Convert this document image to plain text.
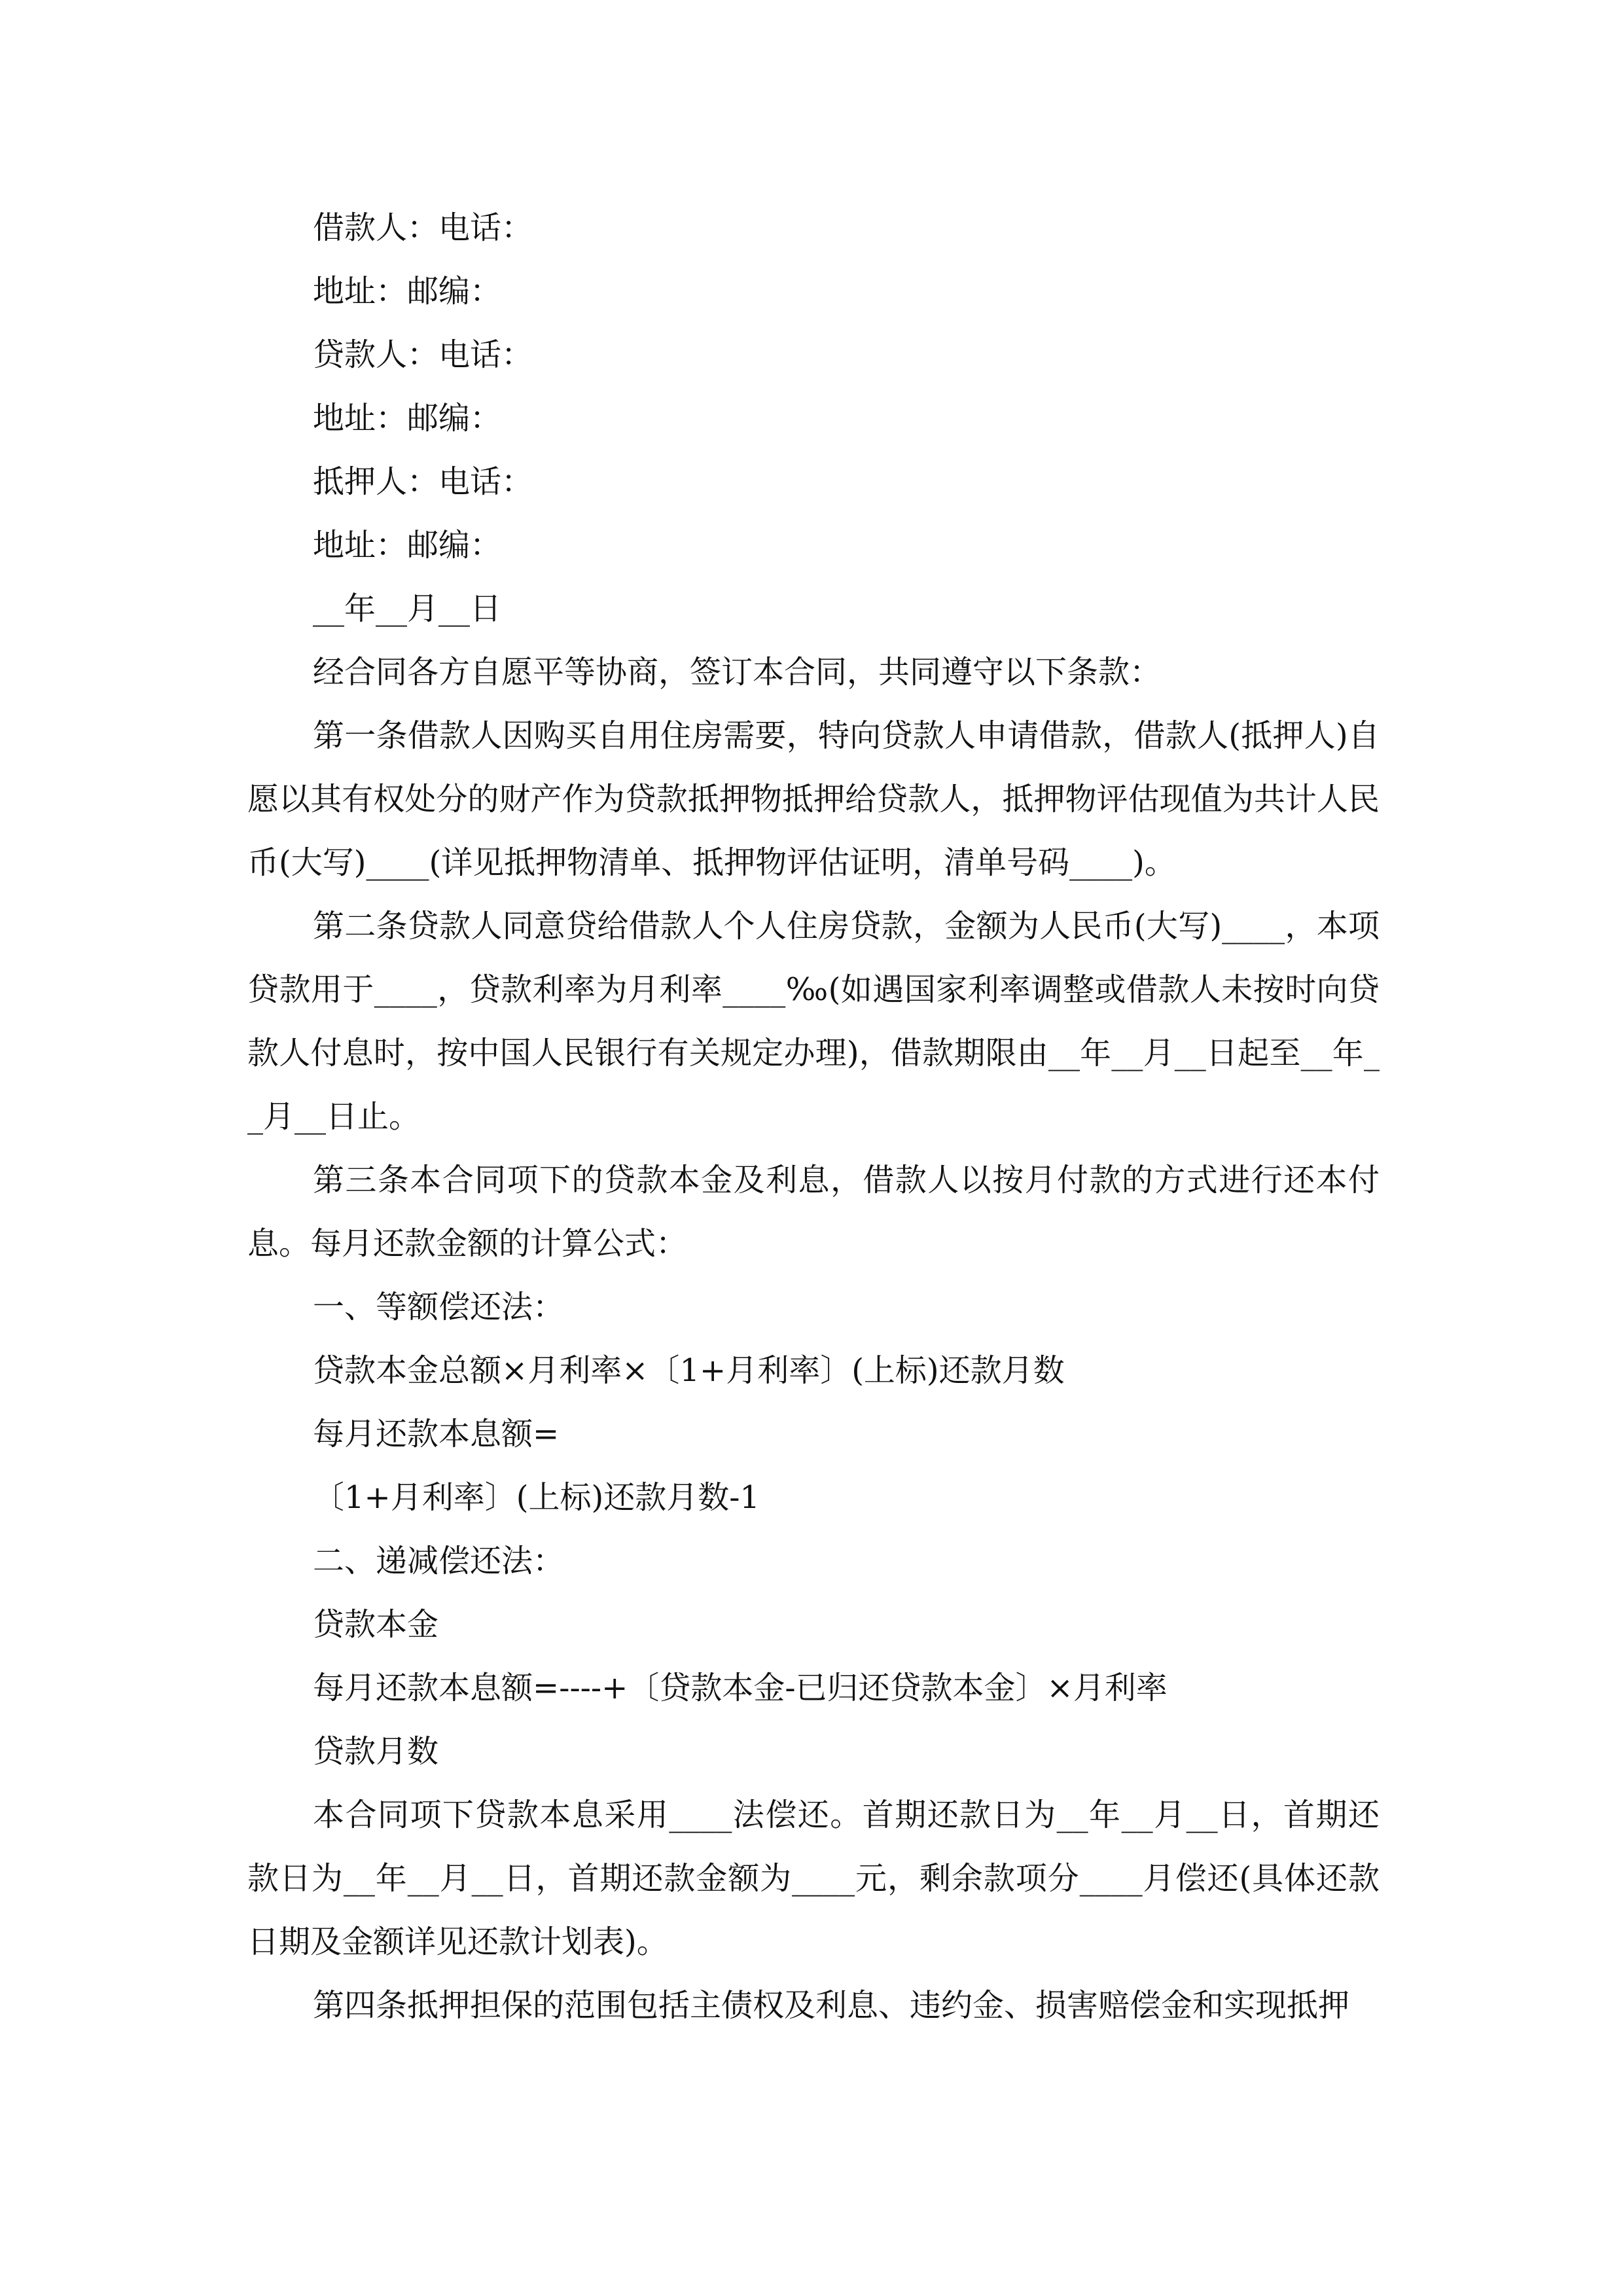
借款人：电话：
地址：邮编：
贷款人：电话：
地址：邮编：
抵押人：电话：
地址：邮编：
__年__月__日
经合同各方自愿平等协商，签订本合同，共同遵守以下条款：

第一条借款人因购买自用住房需要，特向贷款人申请借款，借款人(抵押人)自愿以其有权处分的财产作为贷款抵押物抵押给贷款人，抵押物评估现值为共计人民币(大写)____(详见抵押物清单、抵押物评估证明，清单号码____)。

第二条贷款人同意贷给借款人个人住房贷款，金额为人民币(大写)____，本项贷款用于____，贷款利率为月利率____‰(如遇国家利率调整或借款人未按时向贷款人付息时，按中国人民银行有关规定办理)，借款期限由__年__月__日起至__年__月__日止。

第三条本合同项下的贷款本金及利息，借款人以按月付款的方式进行还本付息。每月还款金额的计算公式：

一、等额偿还法：
贷款本金总额×月利率×〔1+月利率〕(上标)还款月数
每月还款本息额=
〔1+月利率〕(上标)还款月数-1
二、递减偿还法：
贷款本金
每月还款本息额=----+〔贷款本金-已归还贷款本金〕×月利率
贷款月数

本合同项下贷款本息采用____法偿还。首期还款日为__年__月__日，首期还款日为__年__月__日，首期还款金额为____元，剩余款项分____月偿还(具体还款日期及金额详见还款计划表)。

第四条抵押担保的范围包括主债权及利息、违约金、损害赔偿金和实现抵押
